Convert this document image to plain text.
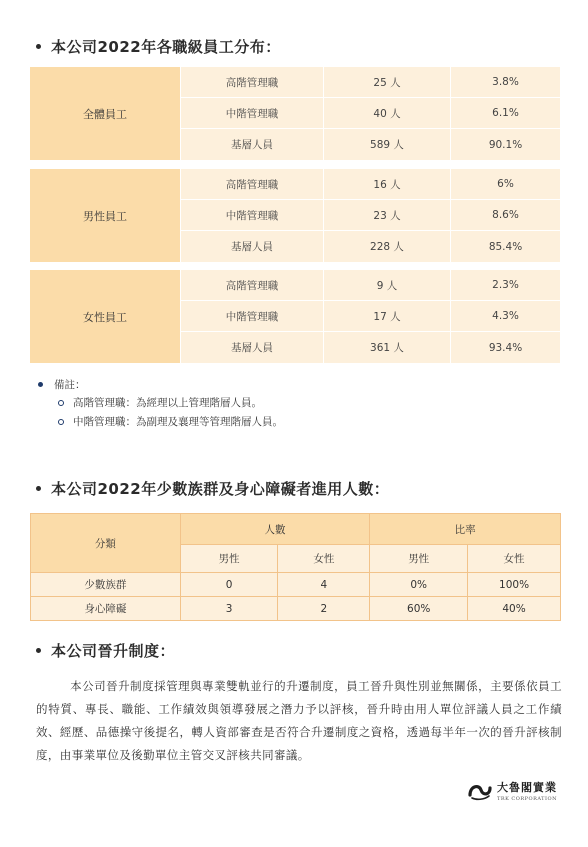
本公司2022年各職級員工分布：
全體員工
高階管理職	25 人	3.8%
中階管理職	40 人	6.1%
基層人員	589 人	90.1%
男性員工
高階管理職	16 人	6%
中階管理職	23 人	8.6%
基層人員	228 人	85.4%
女性員工
高階管理職	9 人	2.3%
中階管理職	17 人	4.3%
基層人員	361 人	93.4%
備註：
高階管理職：為經理以上管理階層人員。
中階管理職：為副理及襄理等管理階層人員。
本公司2022年少數族群及身心障礙者進用人數：
分類	人數		比率	
	男性	女性	男性	女性
少數族群	0	4	0%	100%
身心障礙	3	2	60%	40%
本公司晉升制度：

本公司晉升制度採管理與專業雙軌並行的升遷制度，員工晉升與性別並無關係，主要係依員工的特質、專長、職能、工作績效與領導發展之潛力予以評核，晉升時由用人單位評議人員之工作績效、經歷、品德操守後提名，轉人資部審查是否符合升遷制度之資格，透過每半年一次的晉升評核制度，由事業單位及後勤單位主管交叉評核共同審議。

大魯閣實業
TRK CORPORATION
